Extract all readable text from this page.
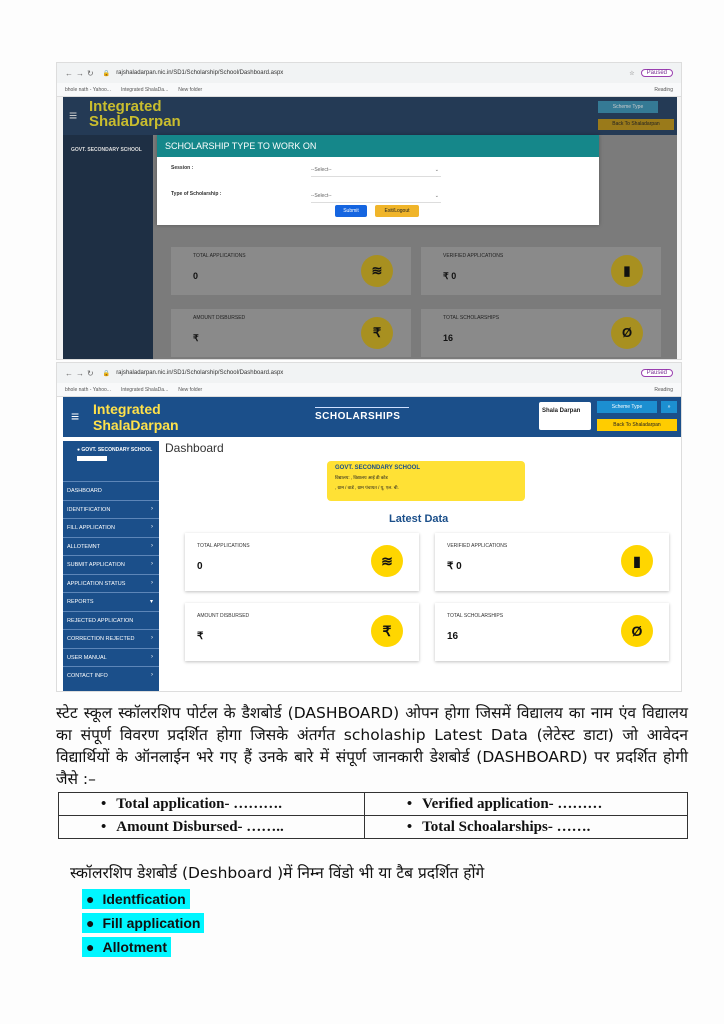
←→↻ 🔒 rajshaladarpan.nic.in/SD1/Scholarship/School/Dashboard.aspx	☆	Paused
bhole nath - Yahoo... Integrated ShalaDa... New folder	Reading
≡ Integrated
ShalaDarpan
Scheme Type
Back To Shaladarpan
GOVT. SECONDARY SCHOOL
TOTAL APPLICATIONS
0	≋
VERIFIED APPLICATIONS
₹ 0	▮
AMOUNT DISBURSED
₹	₹
TOTAL SCHOLARSHIPS
16	Ø
SCHOLARSHIP TYPE TO WORK ON
Session :	--Select--	⌄
Type of Scholarship :	--Select--	⌄
Submit	Exit/Logout
←→↻ 🔒 rajshaladarpan.nic.in/SD1/Scholarship/School/Dashboard.aspx	Paused
bhole nath - Yahoo... Integrated ShalaDa... New folder	Reading
≡ Integrated
ShalaDarpan
SCHOLARSHIPS	Shala Darpan
Scheme Type	»
Back To Shaladarpan
● GOVT. SECONDARY SCHOOL

DASHBOARD
IDENTIFICATION	›
FILL APPLICATION	›
ALLOTEMNT	›
SUBMIT APPLICATION	›
APPLICATION STATUS	›
REPORTS	▾
REJECTED APPLICATION
CORRECTION REJECTED	›
USER MANUAL	›
CONTACT INFO	›
Dashboard
GOVT. SECONDARY SCHOOL
विद्यालय: , विद्यालय आई डी कोड
, ग्राम / वार्ड , ग्राम पंचायत / यू. एल. बी.
Latest Data
TOTAL APPLICATIONS
0	≋
VERIFIED APPLICATIONS
₹ 0	▮
AMOUNT DISBURSED
₹	₹
TOTAL SCHOLARSHIPS
16	Ø
स्टेट स्कूल स्कॉलरशिप पोर्टल के डैशबोर्ड (DASHBOARD) ओपन होगा जिसमें विद्यालय का नाम एंव विद्यालय का संपूर्ण विवरण प्रदर्शित होगा जिसके अंतर्गत scholaship Latest Data (लेटेस्ट डाटा) जो आवेदन विद्यार्थियों के ऑनलाईन भरे गए हैं उनके बारे में संपूर्ण जानकारी डेशबोर्ड (DASHBOARD) पर प्रदर्शित होगी जैसे :–
• Total application- ……….	• Verified application- ………
• Amount Disbursed- ……..	• Total Schoalarships- …….
स्कॉलरशिप डेशबोर्ड (Deshboard )में निम्न विंडो भी या टैब प्रदर्शित होंगे
● Identfication
● Fill application
● Allotment
